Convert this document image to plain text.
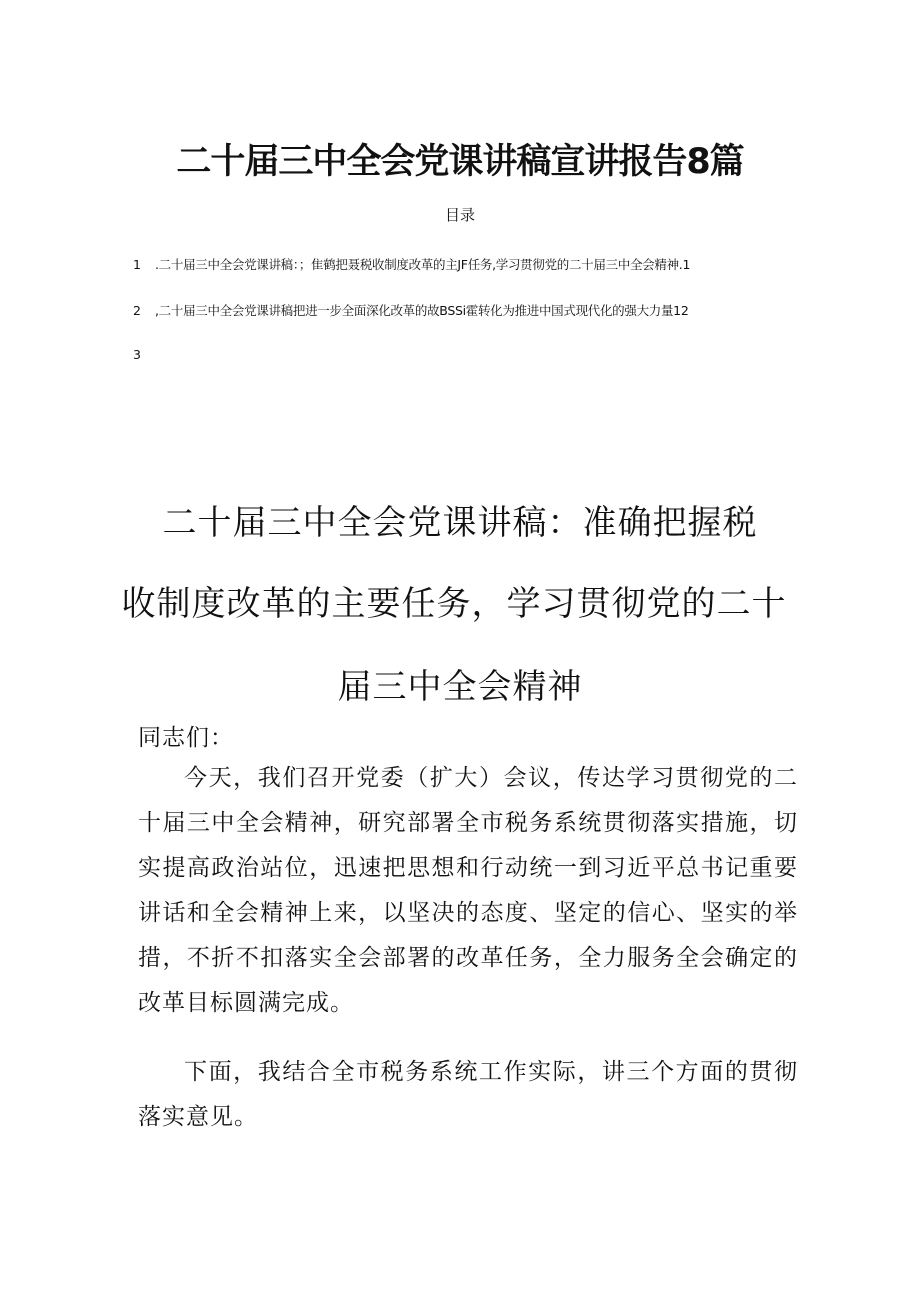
二十届三中全会党课讲稿宣讲报告8篇
目录
1 .二十届三中全会党课讲稿：；隹鹤把聂税收制度改革的主JF任务,学习贯彻党的二十届三中全会精神.1
2 ,二十届三中全会党课讲稿把进一步全面深化改革的故BSSi霍转化为推进中国式现代化的强大力量12
3
二十届三中全会党课讲稿：准确把握税
收制度改革的主要任务，学习贯彻党的二十
届三中全会精神
同志们：
今天，我们召开党委（扩大）会议，传达学习贯彻党的二十届三中全会精神，研究部署全市税务系统贯彻落实措施，切实提高政治站位，迅速把思想和行动统一到习近平总书记重要讲话和全会精神上来，以坚决的态度、坚定的信心、坚实的举措，不折不扣落实全会部署的改革任务，全力服务全会确定的改革目标圆满完成。
下面，我结合全市税务系统工作实际，讲三个方面的贯彻落实意见。
